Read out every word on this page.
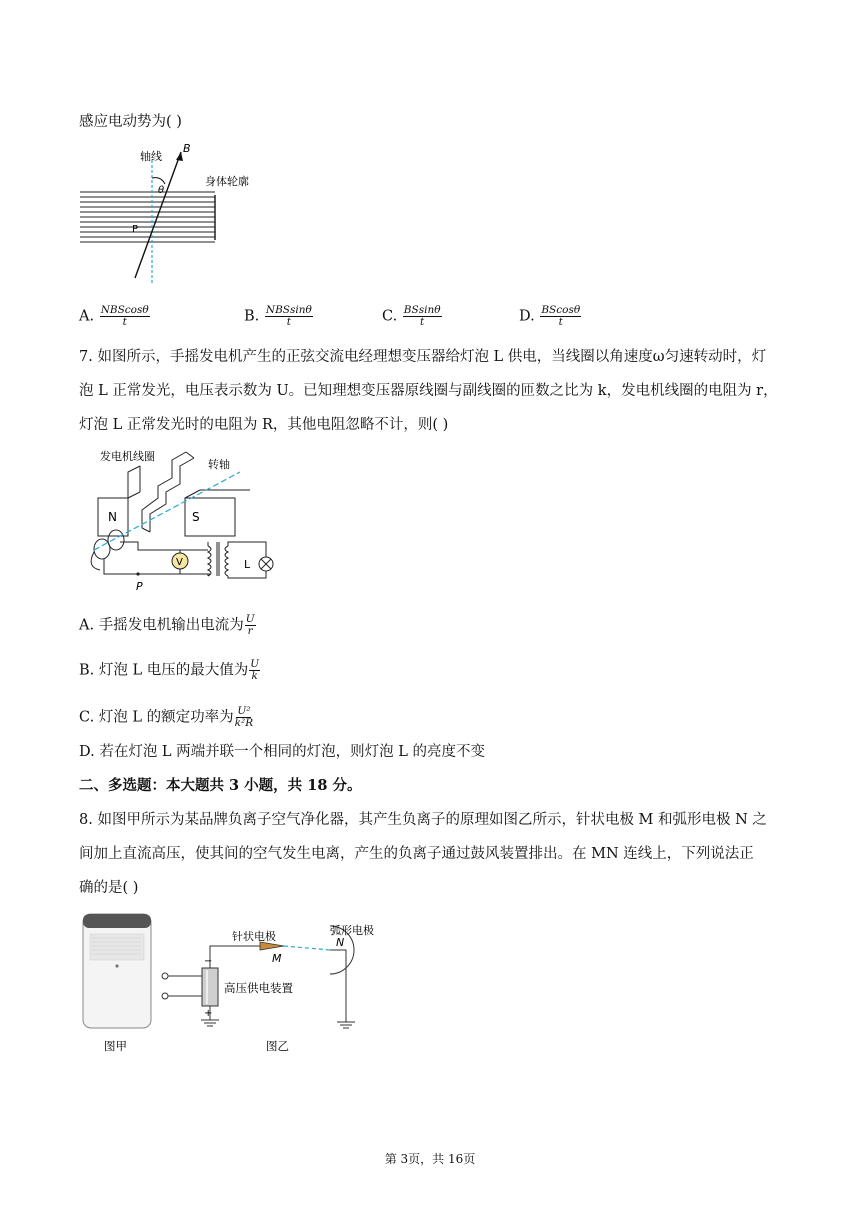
感应电动势为( )
轴线
B
θ
身体轮廓
P
A. $\frac{\text{NBScosθ}}{t}$	B. $\frac{\text{NBSsinθ}}{t}$	C. $\frac{BSsin\theta}{t}$	D. $\frac{BScos\theta}{t}$
7. 如图所示，手摇发电机产生的正弦交流电经理想变压器给灯泡 L 供电，当线圈以角速度ω匀速转动时，灯
泡 L 正常发光，电压表示数为 U。已知理想变压器原线圈与副线圈的匝数之比为 k，发电机线圈的电阻为 r，
灯泡 L 正常发光时的电阻为 R，其他电阻忽略不计，则( )
发电机线圈
转轴
N	S
V	L
P
A. 手摇发电机输出电流为 $\frac{U}{r}$
B. 灯泡 L 电压的最大值为 $\frac{U}{k}$
C. 灯泡 L 的额定功率为 $\frac{\text{U²}}{\text{k²R}}$
D. 若在灯泡 L 两端并联一个相同的灯泡，则灯泡 L 的亮度不变
二、多选题：本大题共 3 小题，共 18 分。
8. 如图甲所示为某品牌负离子空气净化器，其产生负离子的原理如图乙所示，针状电极 M 和弧形电极 N 之
间加上直流高压，使其间的空气发生电离，产生的负离子通过鼓风装置排出。在 MN 连线上，下列说法正
确的是( )
针状电极	弧形电极
M
N
高压供电装置
−
+
图甲	图乙
第 3页，共 16页
